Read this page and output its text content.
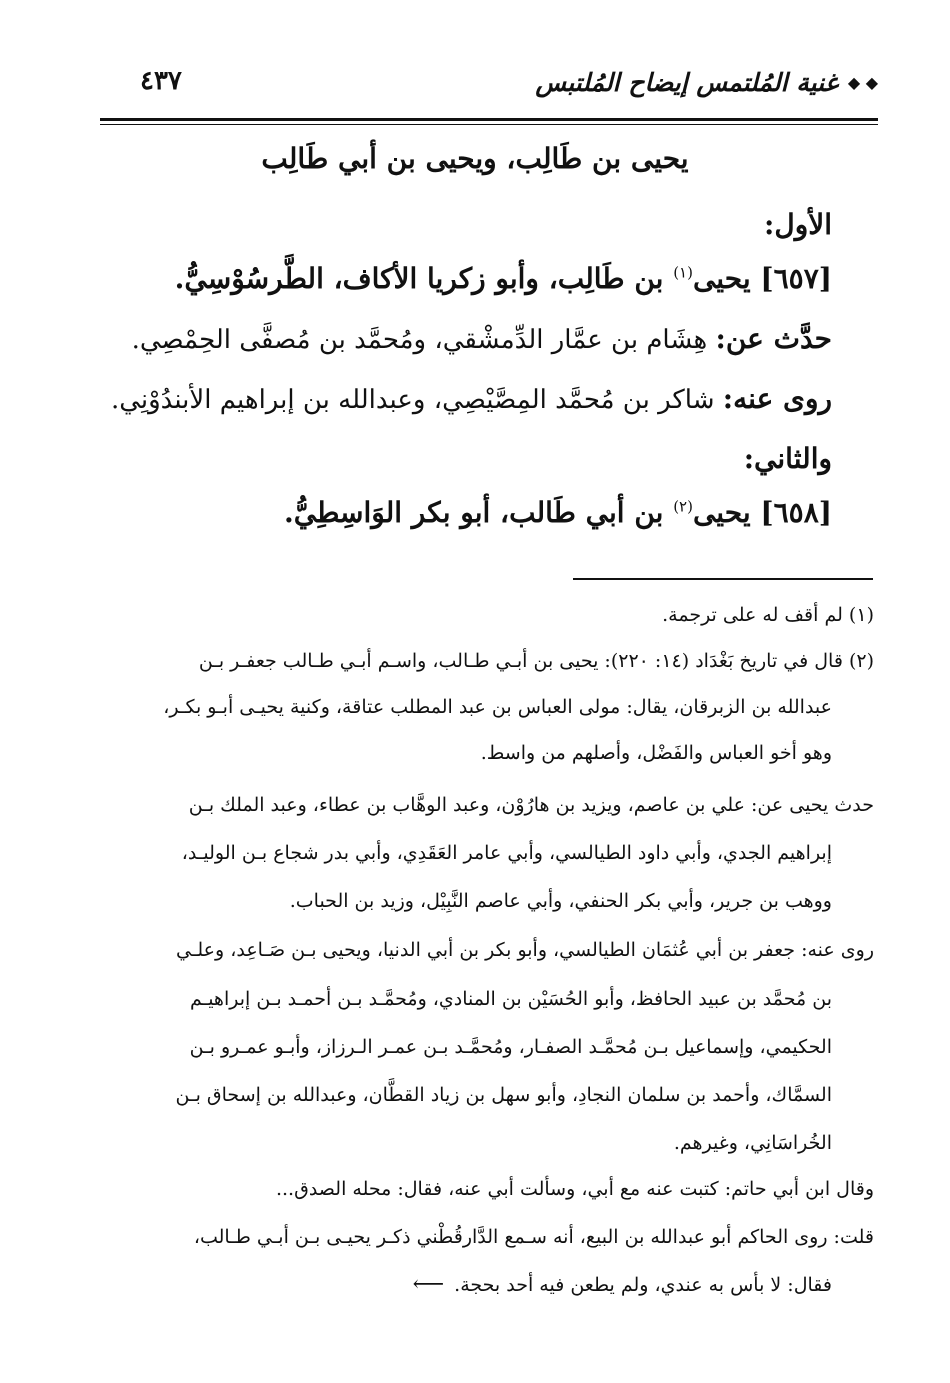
◆ ◆
غنية المُلتمس إيضاح المُلتبس
٤٣٧
يحيى بن طَالِب، ويحيى بن أبي طَالِب
الأول:
[٦٥٧] يحيى$^{(١)}$ بن طَالِب، وأبو زكريا الأكاف، الطَّرسُوْسِيُّ.
حدَّث عن: هِشَام بن عمَّار الدِّمشْقي، ومُحمَّد بن مُصفَّى الحِمْصِي.
روى عنه: شاكر بن مُحمَّد المِصَّيْصِي، وعبدالله بن إبراهيم الأبندُوْنِي.
والثاني:
[٦٥٨] يحيى$^{(٢)}$ بن أبي طَالب، أبو بكر الوَاسِطِيُّ.
(١) لم أقف له على ترجمة.
(٢) قال في تاريخ بَغْدَاد (١٤: ٢٢٠): يحيى بن أبـي طـالب، واسـم أبـي طـالب جعفـر بـن
عبدالله بن الزبرقان، يقال: مولى العباس بن عبد المطلب عتاقة، وكنية يحيـى أبـو بكـر،
وهو أخو العباس والفَضْل، وأصلهم من واسط.
حدث يحيى عن: علي بن عاصم، ويزيد بن هارُوْن، وعبد الوهَّاب بن عطاء، وعبد الملك بـن
إبراهيم الجدي، وأبي داود الطيالسي، وأبي عامر العَقَدِي، وأبي بدر شجاع بـن الوليـد،
ووهب بن جرير، وأبي بكر الحنفي، وأبي عاصم النَّبِيْل، وزيد بن الحباب.
روى عنه: جعفر بن أبي عُثمَان الطيالسي، وأبو بكر بن أبي الدنيا، ويحيى بـن صَـاعِد، وعلـي
بن مُحمَّد بن عبيد الحافظ، وأبو الحُسَيْن بن المنادي، ومُحمَّـد بـن أحمـد بـن إبراهيـم
الحكيمي، وإسماعيل بـن مُحمَّـد الصفـار، ومُحمَّـد بـن عمـر الـرزاز، وأبـو عمـرو بـن
السمَّاك، وأحمد بن سلمان النجادِ، وأبو سهل بن زياد القطَّان، وعبدالله بن إسحاق بـن
الخُراسَانِي، وغيرهم.
وقال ابن أبي حاتم: كتبت عنه مع أبي، وسألت أبي عنه، فقال: محله الصدق...
قلت: روى الحاكم أبو عبدالله بن البيع، أنه سـمع الدَّارقُطْني ذكـر يحيـى بـن أبـي طـالب،
فقال: لا بأس به عندي، ولم يطعن فيه أحد بحجة. ⟵
